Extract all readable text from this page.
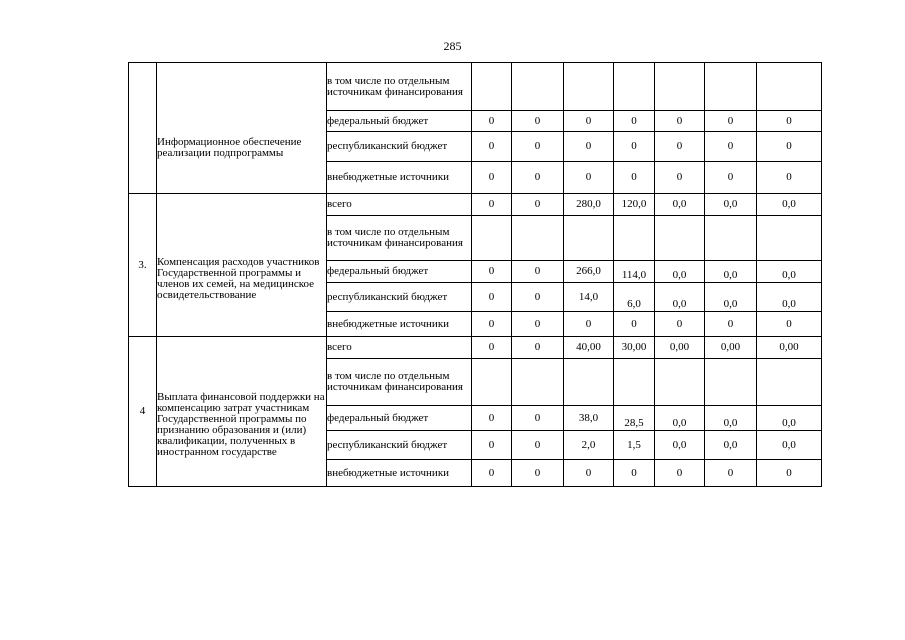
285

	Информационное обеспечение реализации подпрограммы	в том числе по отдельным источникам финансирования							
		федеральный бюджет	0	0	0	0	0	0	0
		республиканский бюджет	0	0	0	0	0	0	0
		внебюджетные источники	0	0	0	0	0	0	0
3.	Компенсация расходов участников Государственной программы и членов их семей, на медицинское освидетельствование	всего	0	0	280,0	120,0	0,0	0,0	0,0
		в том числе по отдельным источникам финансирования							
		федеральный бюджет	0	0	266,0	114,0	0,0	0,0	0,0
		республиканский бюджет	0	0	14,0	6,0	0,0	0,0	0,0
		внебюджетные источники	0	0	0	0	0	0	0
4	Выплата финансовой поддержки на компенсацию затрат участникам Государственной программы по признанию образования и (или) квалификации, полученных в иностранном государстве	всего	0	0	40,00	30,00	0,00	0,00	0,00
		в том числе по отдельным источникам финансирования							
		федеральный бюджет	0	0	38,0	28,5	0,0	0,0	0,0
		республиканский бюджет	0	0	2,0	1,5	0,0	0,0	0,0
		внебюджетные источники	0	0	0	0	0	0	0
